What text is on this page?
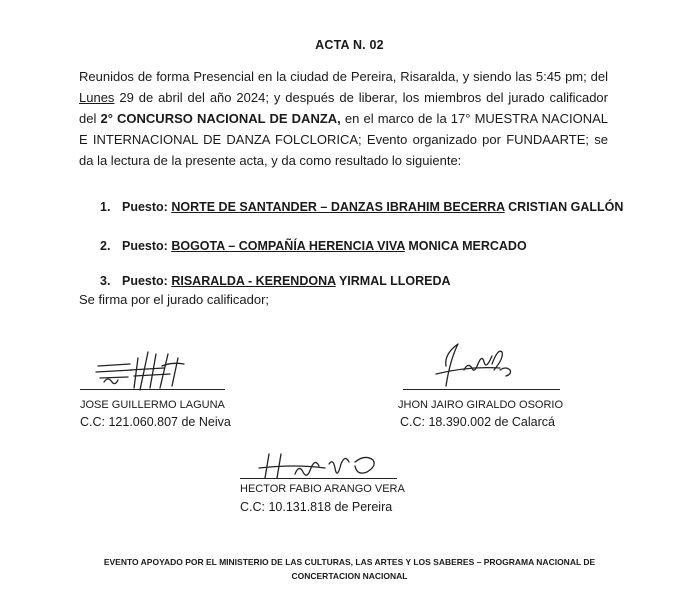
ACTA N. 02
Reunidos de forma Presencial en la ciudad de Pereira, Risaralda, y siendo las 5:45 pm; del Lunes 29 de abril del año 2024; y después de liberar, los miembros del jurado calificador del 2° CONCURSO NACIONAL DE DANZA, en el marco de la 17° MUESTRA NACIONAL E INTERNACIONAL DE DANZA FOLCLORICA; Evento organizado por FUNDAARTE; se da la lectura de la presente acta, y da como resultado lo siguiente:
1. Puesto: NORTE DE SANTANDER – DANZAS IBRAHIM BECERRA CRISTIAN GALLÓN
2. Puesto: BOGOTA – COMPAÑÍA HERENCIA VIVA MONICA MERCADO
3. Puesto: RISARALDA - KERENDONA YIRMAL LLOREDA
Se firma por el jurado calificador;
JOSE GUILLERMO LAGUNA
C.C: 121.060.807 de Neiva
JHON JAIRO GIRALDO OSORIO
C.C: 18.390.002 de Calarcá
HECTOR FABIO ARANGO VERA
C.C: 10.131.818 de Pereira
EVENTO APOYADO POR EL MINISTERIO DE LAS CULTURAS, LAS ARTES Y LOS SABERES – PROGRAMA NACIONAL DE
CONCERTACION NACIONAL
